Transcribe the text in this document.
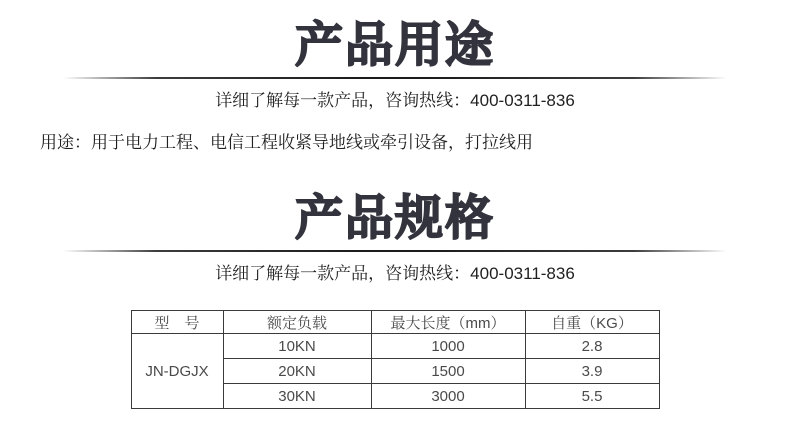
产品用途

详细了解每一款产品，咨询热线：400-0311-836

用途：用于电力工程、电信工程收紧导地线或牵引设备，打拉线用

产品规格

详细了解每一款产品，咨询热线：400-0311-836

型　号	额定负载	最大长度（mm）	自重（KG）
JN-DGJX	10KN	1000	2.8
	20KN	1500	3.9
	30KN	3000	5.5
